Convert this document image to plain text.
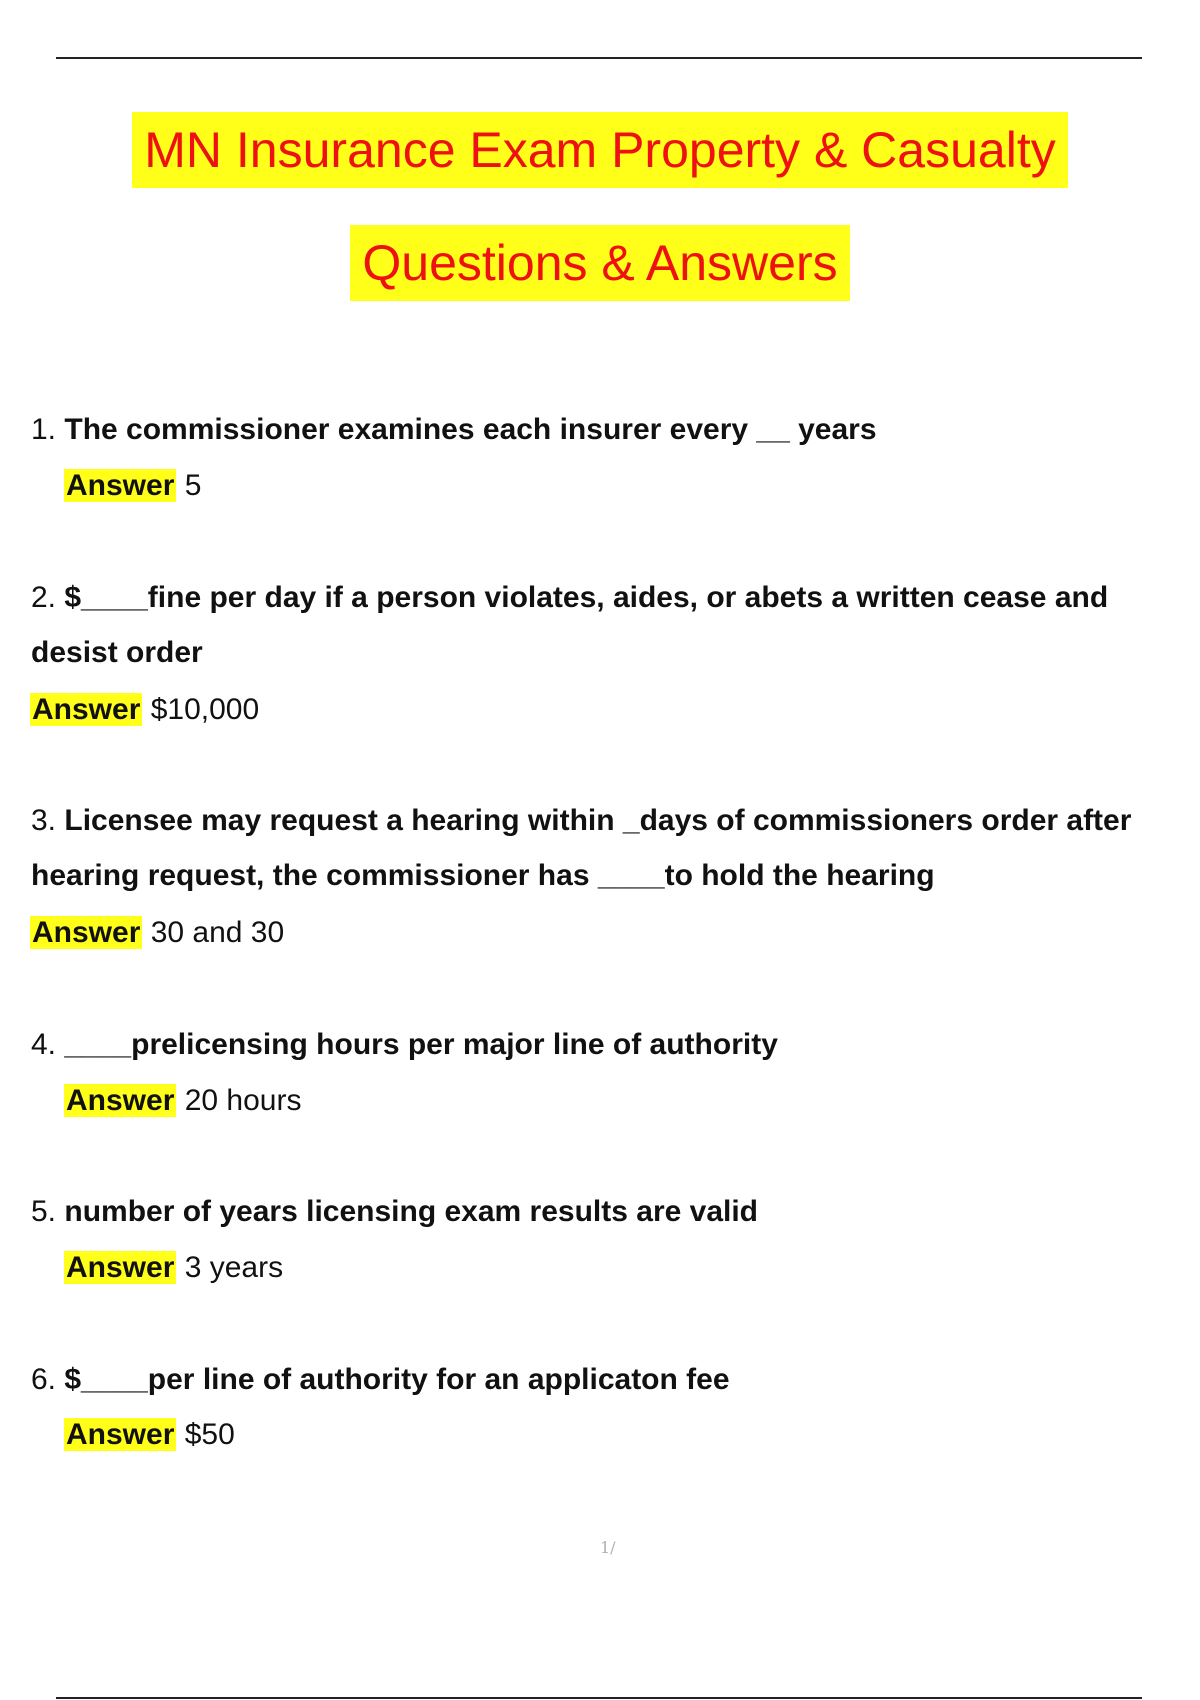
MN Insurance Exam Property & Casualty
Questions & Answers
1. The commissioner examines each insurer every __ years
Answer 5
2. $____fine per day if a person violates, aides, or abets a written cease and
desist order
Answer $10,000
3. Licensee may request a hearing within _days of commissioners order after
hearing request, the commissioner has ____to hold the hearing
Answer 30 and 30
4. ____prelicensing hours per major line of authority
Answer 20 hours
5. number of years licensing exam results are valid
Answer 3 years
6. $____per line of authority for an applicaton fee
Answer $50
1/
